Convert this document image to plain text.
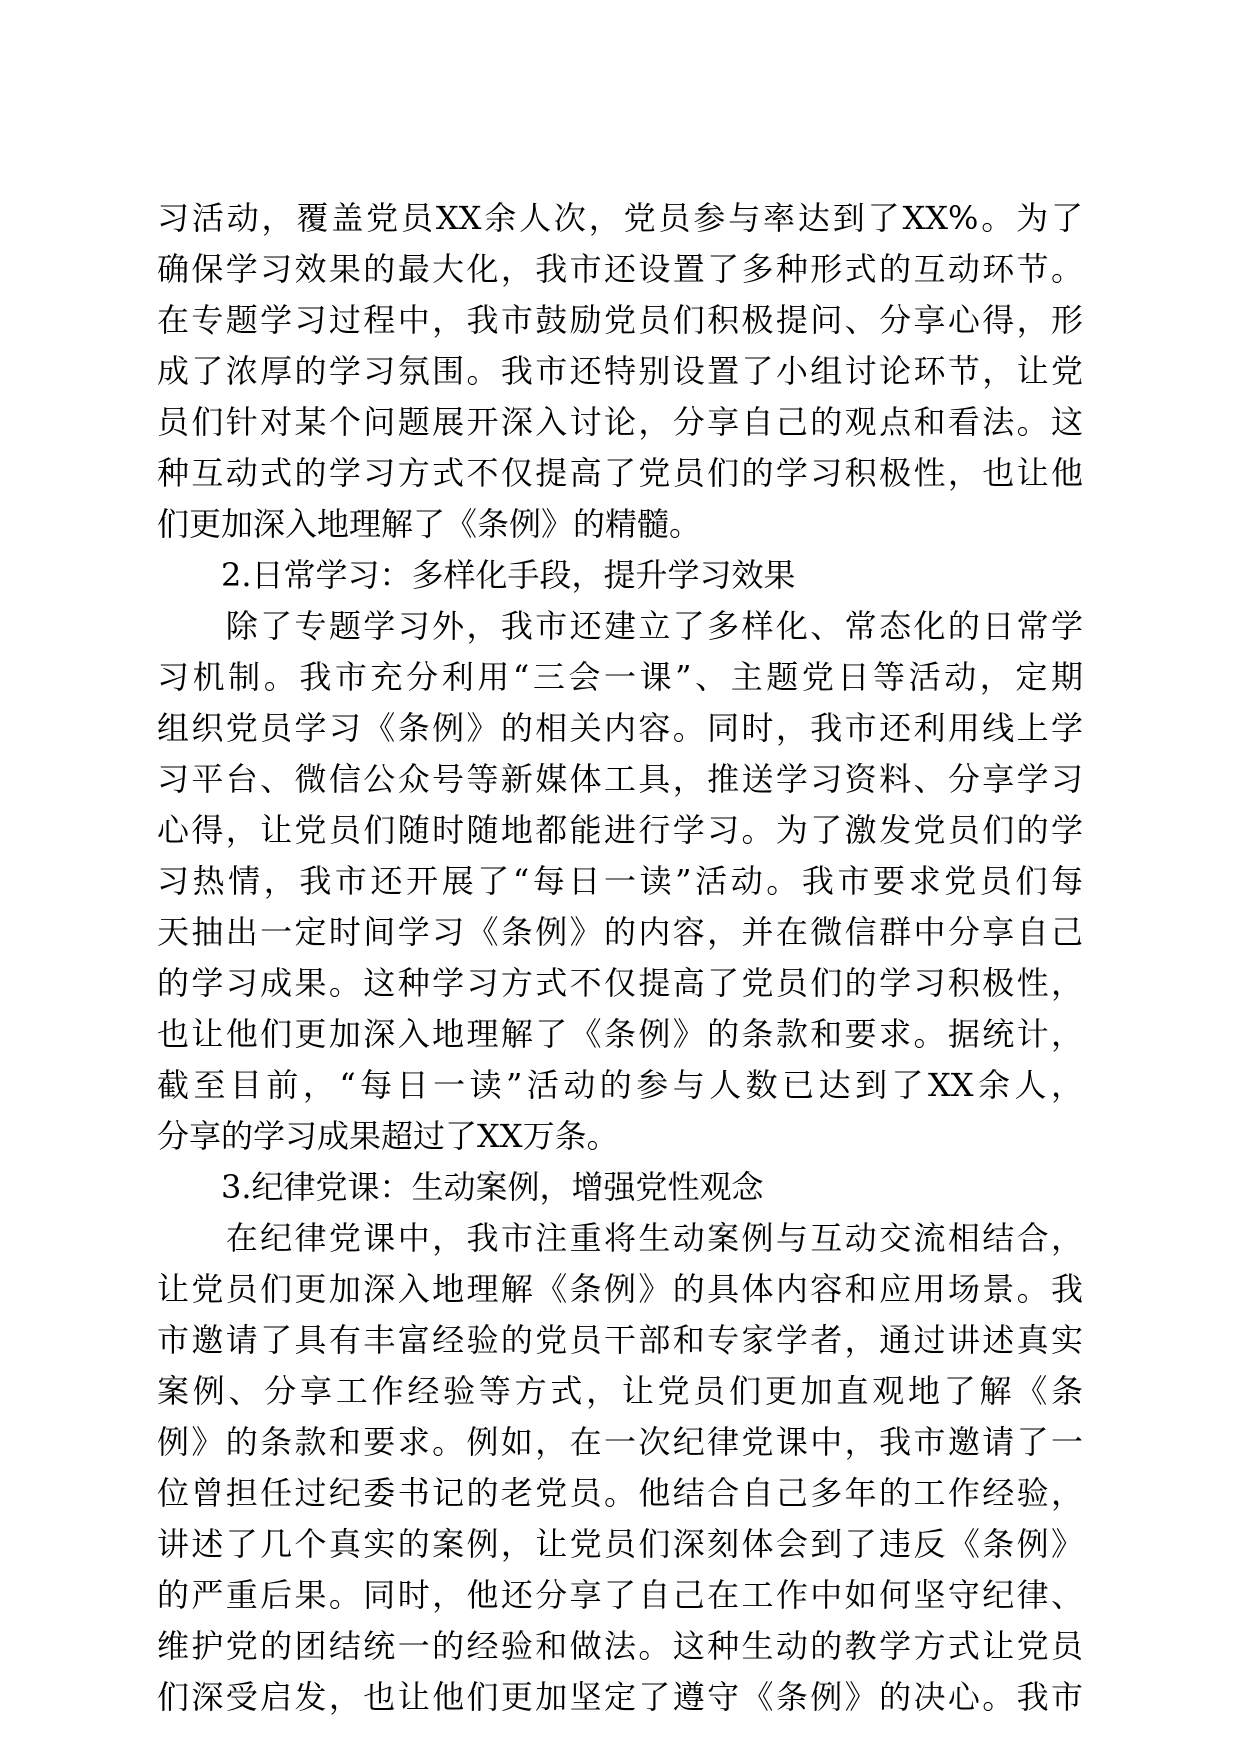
习活动，覆盖党员XX余人次，党员参与率达到了XX%。为了
确保学习效果的最大化，我市还设置了多种形式的互动环节。
在专题学习过程中，我市鼓励党员们积极提问、分享心得，形
成了浓厚的学习氛围。我市还特别设置了小组讨论环节，让党
员们针对某个问题展开深入讨论，分享自己的观点和看法。这
种互动式的学习方式不仅提高了党员们的学习积极性，也让他
们更加深入地理解了《条例》的精髓。
2.日常学习：多样化手段，提升学习效果
　　除了专题学习外，我市还建立了多样化、常态化的日常学
习机制。我市充分利用“三会一课”、主题党日等活动，定期
组织党员学习《条例》的相关内容。同时，我市还利用线上学
习平台、微信公众号等新媒体工具，推送学习资料、分享学习
心得，让党员们随时随地都能进行学习。为了激发党员们的学
习热情，我市还开展了“每日一读”活动。我市要求党员们每
天抽出一定时间学习《条例》的内容，并在微信群中分享自己
的学习成果。这种学习方式不仅提高了党员们的学习积极性，
也让他们更加深入地理解了《条例》的条款和要求。据统计，
截至目前，“每日一读”活动的参与人数已达到了XX余人，
分享的学习成果超过了XX万条。
3.纪律党课：生动案例，增强党性观念
　　在纪律党课中，我市注重将生动案例与互动交流相结合，
让党员们更加深入地理解《条例》的具体内容和应用场景。我
市邀请了具有丰富经验的党员干部和专家学者，通过讲述真实
案例、分享工作经验等方式，让党员们更加直观地了解《条
例》的条款和要求。例如，在一次纪律党课中，我市邀请了一
位曾担任过纪委书记的老党员。他结合自己多年的工作经验，
讲述了几个真实的案例，让党员们深刻体会到了违反《条例》
的严重后果。同时，他还分享了自己在工作中如何坚守纪律、
维护党的团结统一的经验和做法。这种生动的教学方式让党员
们深受启发，也让他们更加坚定了遵守《条例》的决心。我市
